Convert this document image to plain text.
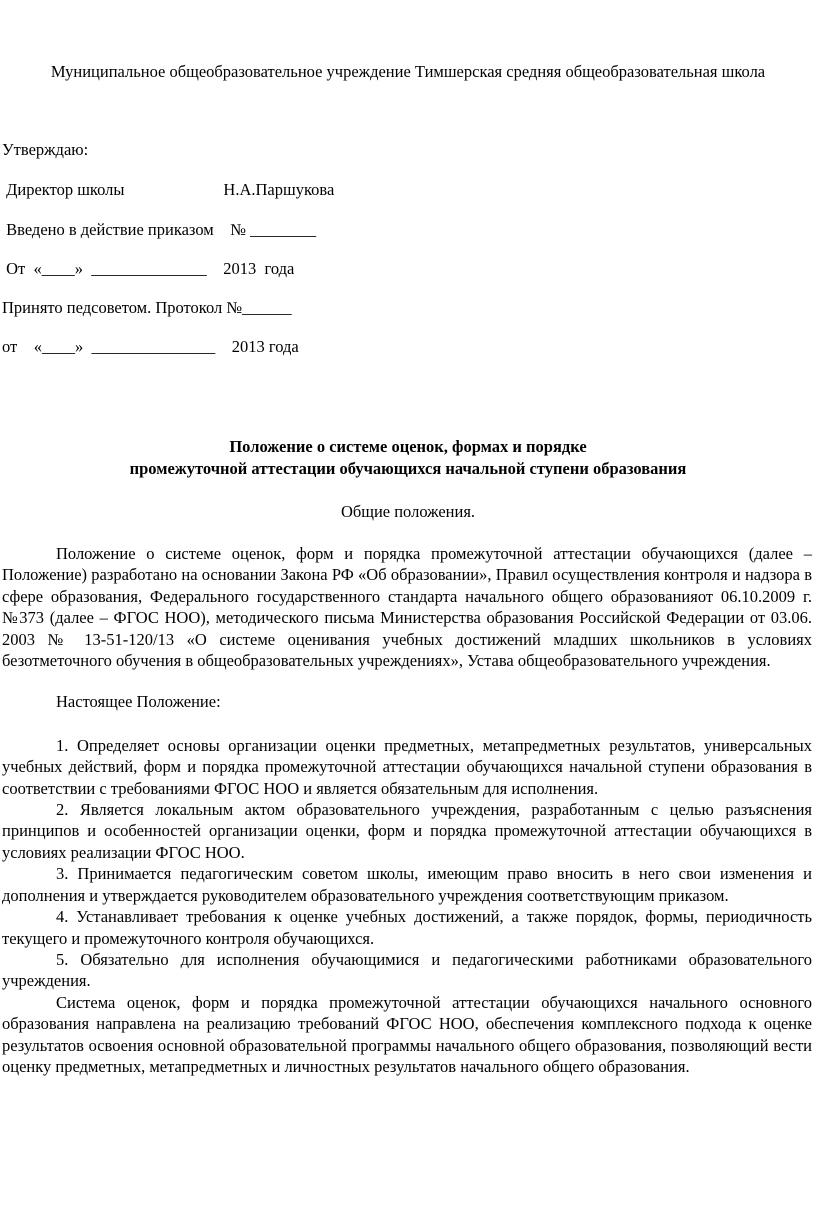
Муниципальное общеобразовательное учреждение Тимшерская средняя общеобразовательная школа
Утверждаю:
Директор школы                        Н.А.Паршукова
Введено в действие приказом    № ________
От  «____»  ______________    2013  года
Принято педсоветом. Протокол №______
от    «____»  _______________    2013 года
Положение о системе оценок, формах и порядке
промежуточной аттестации обучающихся начальной ступени образования
Общие положения.

Положение о системе оценок, форм и порядка промежуточной аттестации обучающихся (далее – Положение) разработано на основании Закона РФ «Об образовании», Правил осуществления контроля и надзора в сфере образования, Федерального государственного стандарта начального общего образованияот 06.10.2009 г. №373 (далее – ФГОС НОО), методического письма Министерства образования Российской Федерации от 03.06. 2003 № 13-51-120/13 «О системе оценивания учебных достижений младших школьников в условиях безотметочного обучения в общеобразовательных учреждениях», Устава общеобразовательного учреждения.

Настоящее Положение:

1. Определяет основы организации оценки предметных, метапредметных результатов, универсальных учебных действий, форм и порядка промежуточной аттестации обучающихся начальной ступени образования в соответствии с требованиями ФГОС НОО и является обязательным для исполнения.

2. Является локальным актом образовательного учреждения, разработанным с целью разъяснения принципов и особенностей организации оценки, форм и порядка промежуточной аттестации обучающихся в условиях реализации ФГОС НОО.

3. Принимается педагогическим советом школы, имеющим право вносить в него свои изменения и дополнения и утверждается руководителем образовательного учреждения соответствующим приказом.

4. Устанавливает требования к оценке учебных достижений, а также порядок, формы, периодичность текущего и промежуточного контроля обучающихся.

5. Обязательно для исполнения обучающимися и педагогическими работниками образовательного учреждения.

Система оценок, форм и порядка промежуточной аттестации обучающихся начального основного образования направлена на реализацию требований ФГОС НОО, обеспечения комплексного подхода к оценке результатов освоения основной образовательной программы начального общего образования, позволяющий вести оценку предметных, метапредметных и личностных результатов начального общего образования.
